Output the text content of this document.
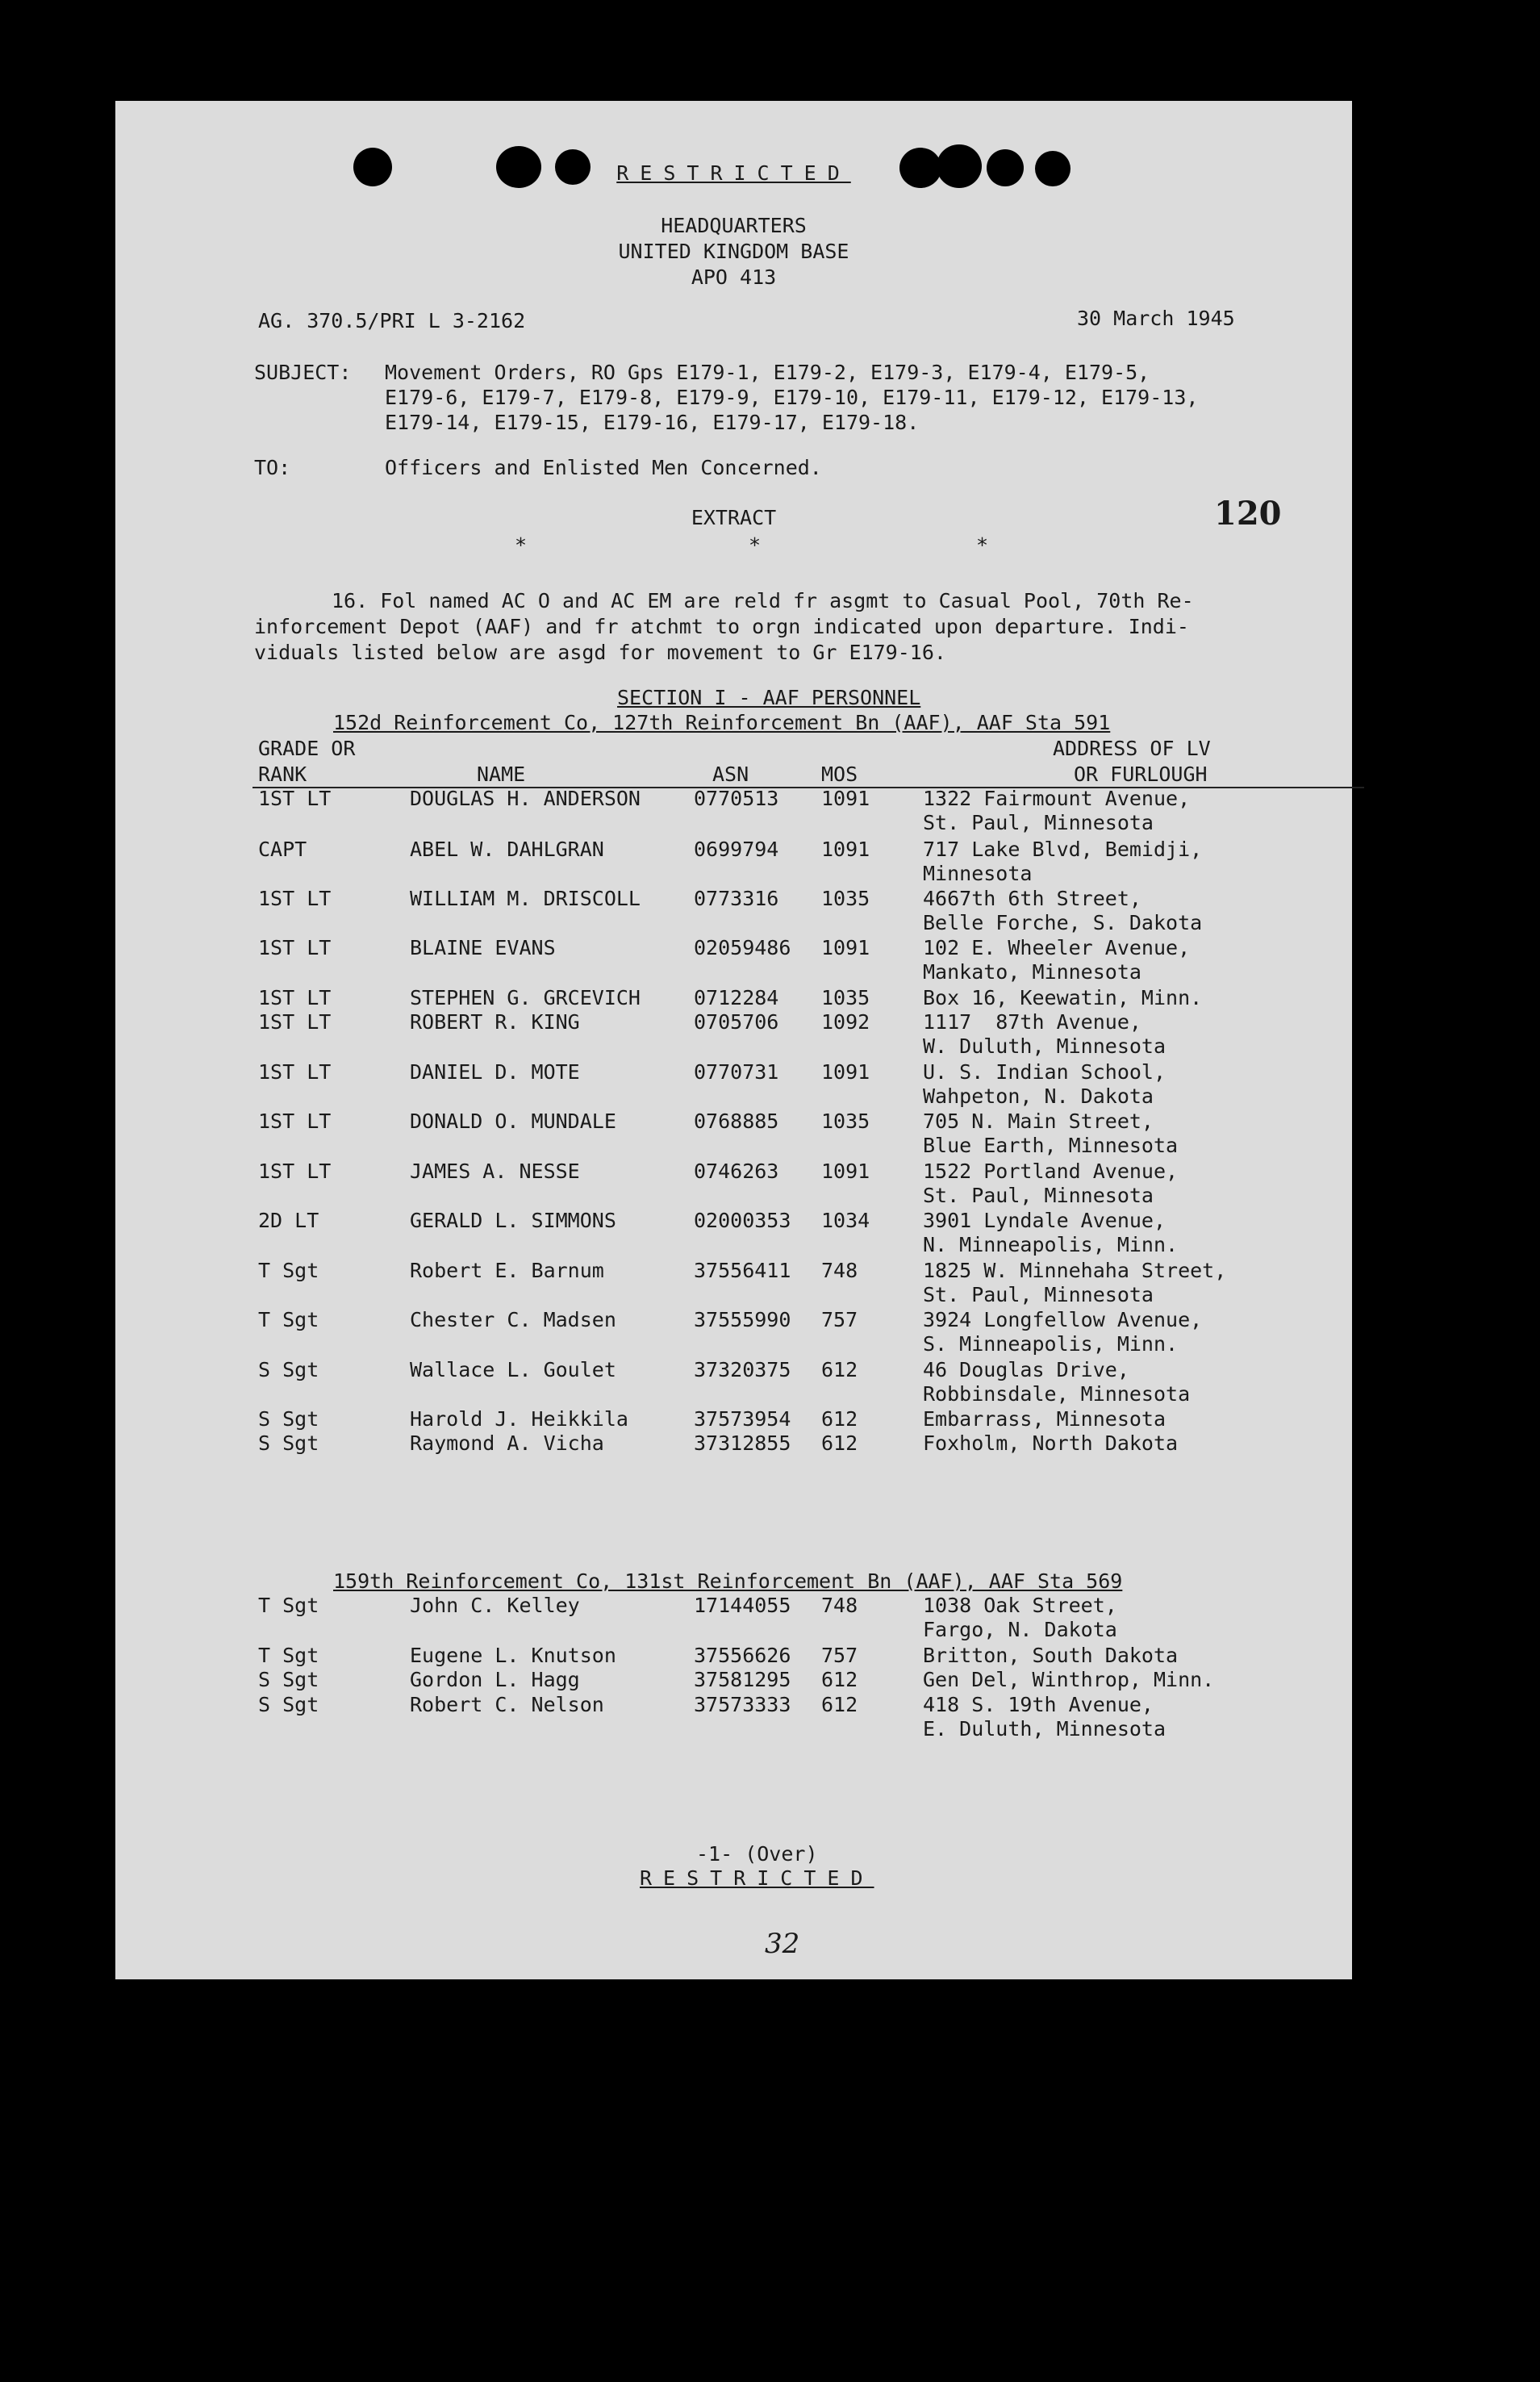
RESTRICTED
HEADQUARTERS
UNITED KINGDOM BASE
APO 413
AG. 370.5/PRI L 3-2162	30 March 1945
SUBJECT: Movement Orders, RO Gps E179-1, E179-2, E179-3, E179-4, E179-5,
E179-6, E179-7, E179-8, E179-9, E179-10, E179-11, E179-12, E179-13,
E179-14, E179-15, E179-16, E179-17, E179-18.
TO:	Officers and Enlisted Men Concerned.
EXTRACT	120
*	*	*
16. Fol named AC O and AC EM are reld fr asgmt to Casual Pool, 70th Re-
inforcement Depot (AAF) and fr atchmt to orgn indicated upon departure. Indi-
viduals listed below are asgd for movement to Gr E179-16.
SECTION I - AAF PERSONNEL
152d Reinforcement Co, 127th Reinforcement Bn (AAF), AAF Sta 591
GRADE OR
RANK	NAME	ASN	MOS
ADDRESS OF LV
OR FURLOUGH
1ST LT	DOUGLAS H. ANDERSON	0770513 1091	1322 Fairmount Avenue,
St. Paul, Minnesota
CAPT	ABEL W. DAHLGRAN	0699794 1091	717 Lake Blvd, Bemidji,
Minnesota
1ST LT	WILLIAM M. DRISCOLL	0773316 1035	4667th 6th Street,
Belle Forche, S. Dakota
1ST LT	BLAINE EVANS	02059486 1091	102 E. Wheeler Avenue,
Mankato, Minnesota
1ST LT	STEPHEN G. GRCEVICH	0712284 1035	Box 16, Keewatin, Minn.
1ST LT	ROBERT R. KING	0705706 1092	1117  87th Avenue,
W. Duluth, Minnesota
1ST LT	DANIEL D. MOTE	0770731 1091	U. S. Indian School,
Wahpeton, N. Dakota
1ST LT	DONALD O. MUNDALE	0768885 1035	705 N. Main Street,
Blue Earth, Minnesota
1ST LT	JAMES A. NESSE	0746263 1091	1522 Portland Avenue,
St. Paul, Minnesota
2D LT	GERALD L. SIMMONS	02000353 1034	3901 Lyndale Avenue,
N. Minneapolis, Minn.
T Sgt	Robert E. Barnum	37556411 748	1825 W. Minnehaha Street,
St. Paul, Minnesota
T Sgt	Chester C. Madsen	37555990 757	3924 Longfellow Avenue,
S. Minneapolis, Minn.
S Sgt	Wallace L. Goulet	37320375 612	46 Douglas Drive,
Robbinsdale, Minnesota
S Sgt	Harold J. Heikkila	37573954 612	Embarrass, Minnesota
S Sgt	Raymond A. Vicha	37312855 612	Foxholm, North Dakota
159th Reinforcement Co, 131st Reinforcement Bn (AAF), AAF Sta 569
T Sgt	John C. Kelley	17144055 748	1038 Oak Street,
Fargo, N. Dakota
T Sgt	Eugene L. Knutson	37556626 757	Britton, South Dakota
S Sgt	Gordon L. Hagg	37581295 612	Gen Del, Winthrop, Minn.
S Sgt	Robert C. Nelson	37573333 612	418 S. 19th Avenue,
E. Duluth, Minnesota
-1- (Over)
RESTRICTED
32
